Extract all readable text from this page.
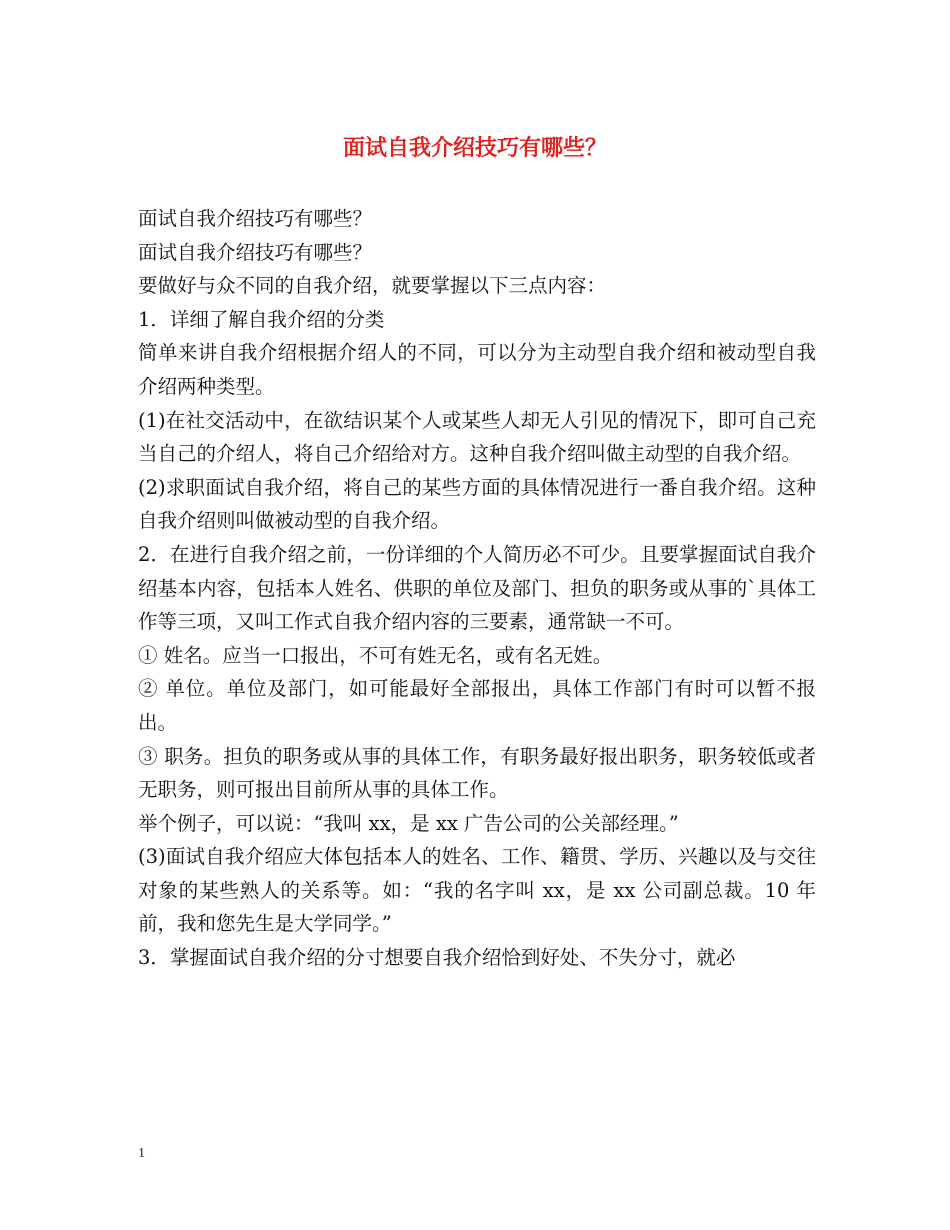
面试自我介绍技巧有哪些？

面试自我介绍技巧有哪些？

面试自我介绍技巧有哪些？

要做好与众不同的自我介绍，就要掌握以下三点内容：

1．详细了解自我介绍的分类

简单来讲自我介绍根据介绍人的不同，可以分为主动型自我介绍和被动型自我介绍两种类型。

(1)在社交活动中，在欲结识某个人或某些人却无人引见的情况下，即可自己充当自己的介绍人，将自己介绍给对方。这种自我介绍叫做主动型的自我介绍。

(2)求职面试自我介绍，将自己的某些方面的具体情况进行一番自我介绍。这种自我介绍则叫做被动型的自我介绍。

2．在进行自我介绍之前，一份详细的个人简历必不可少。且要掌握面试自我介绍基本内容，包括本人姓名、供职的单位及部门、担负的职务或从事的`具体工作等三项，又叫工作式自我介绍内容的三要素，通常缺一不可。

① 姓名。应当一口报出，不可有姓无名，或有名无姓。

② 单位。单位及部门，如可能最好全部报出，具体工作部门有时可以暂不报出。

③ 职务。担负的职务或从事的具体工作，有职务最好报出职务，职务较低或者无职务，则可报出目前所从事的具体工作。

举个例子，可以说：“我叫 xx，是 xx 广告公司的公关部经理。”

(3)面试自我介绍应大体包括本人的姓名、工作、籍贯、学历、兴趣以及与交往对象的某些熟人的关系等。如：“我的名字叫 xx，是 xx 公司副总裁。10 年前，我和您先生是大学同学。”

3．掌握面试自我介绍的分寸想要自我介绍恰到好处、不失分寸，就必

1
